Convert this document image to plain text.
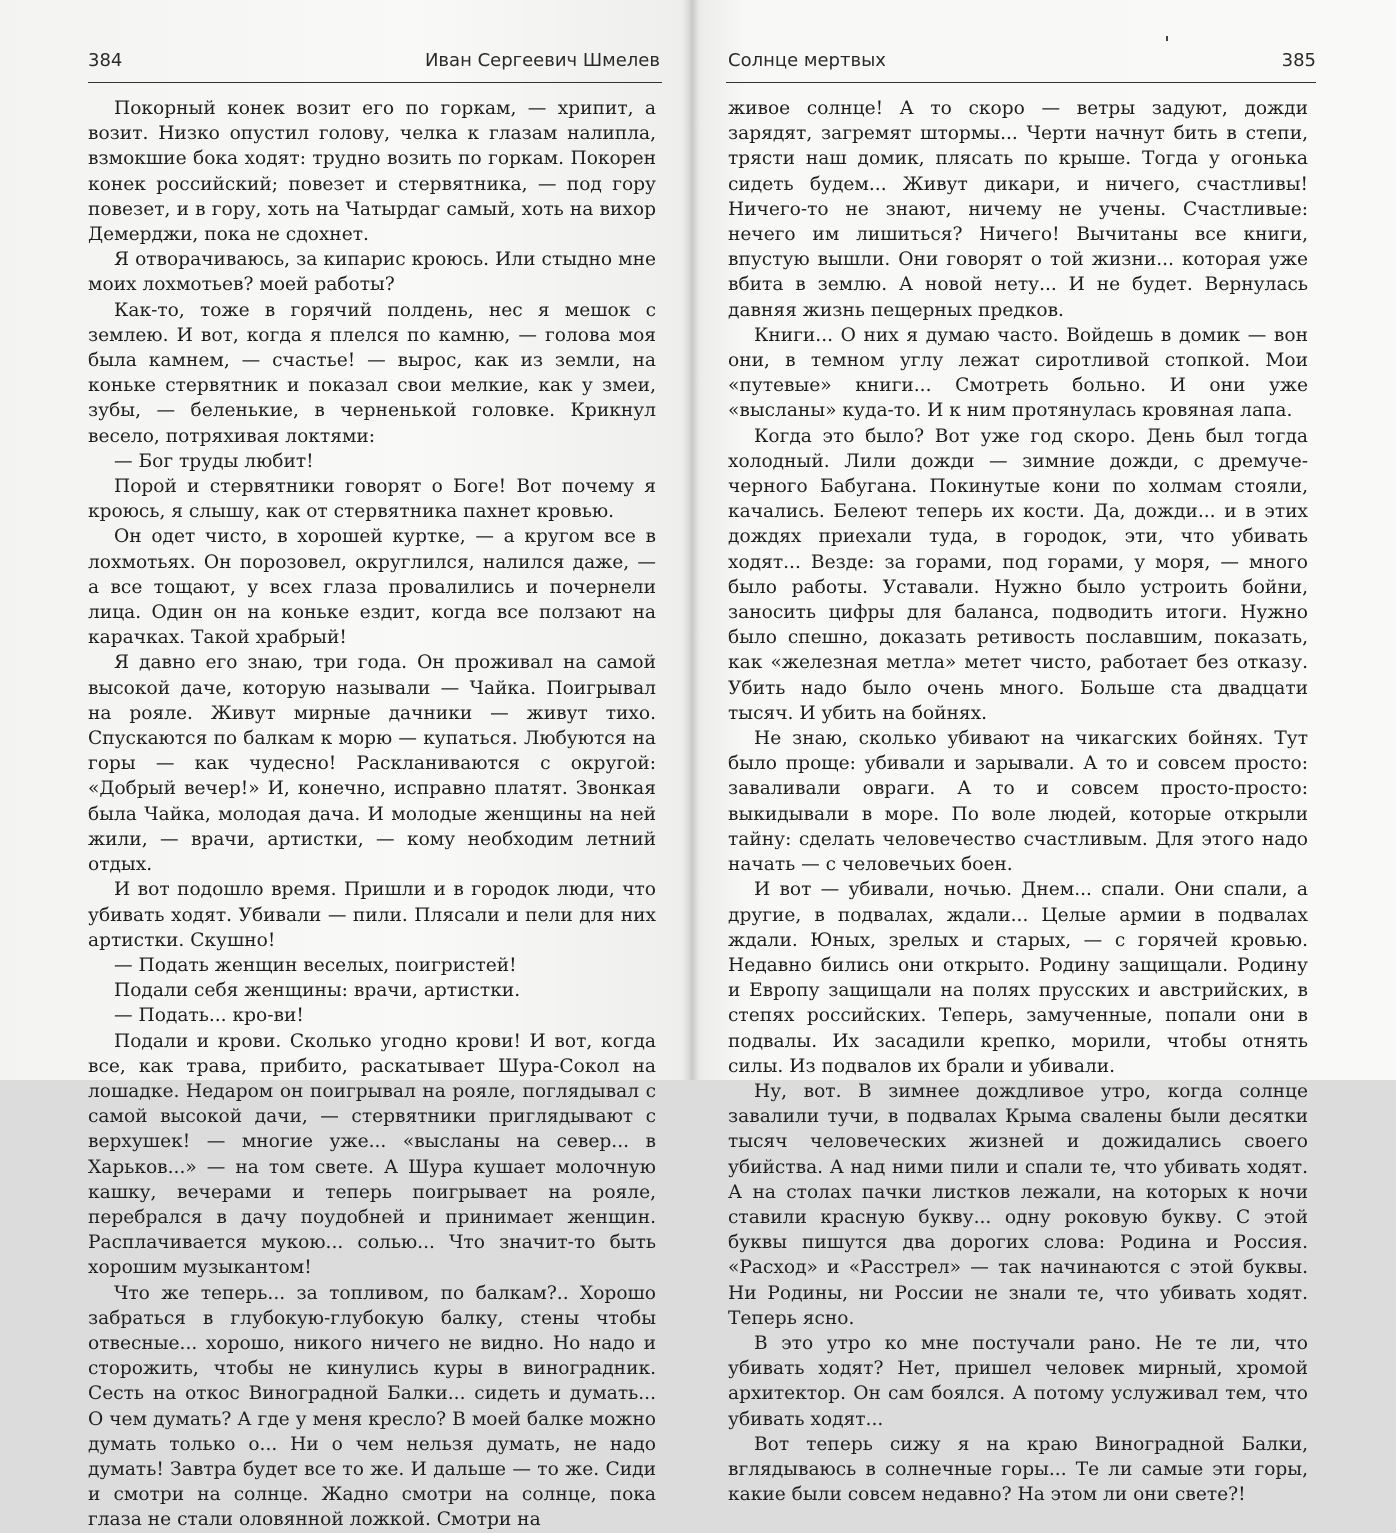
384	Иван Сергеевич Шмелев

Покорный конек возит его по горкам, — хрипит, а возит. Низко опустил голову, челка к глазам налипла, взмокшие бока ходят: трудно возить по горкам. Покорен конек российский; повезет и стервятника, — под гору повезет, и в гору, хоть на Чатырдаг самый, хоть на вихор Демерджи, пока не сдохнет.

Я отворачиваюсь, за кипарис кроюсь. Или стыдно мне моих лохмотьев? моей работы?

Как-то, тоже в горячий полдень, нес я мешок с землею. И вот, когда я плелся по камню, — голова моя была камнем, — счастье! — вырос, как из земли, на коньке стервятник и показал свои мелкие, как у змеи, зубы, — беленькие, в черненькой головке. Крикнул весело, потряхивая локтями:

— Бог труды любит!

Порой и стервятники говорят о Боге! Вот почему я кроюсь, я слышу, как от стервятника пахнет кровью.

Он одет чисто, в хорошей куртке, — а кругом все в лохмотьях. Он порозовел, округлился, налился даже, — а все тощают, у всех глаза провалились и почернели лица. Один он на коньке ездит, когда все ползают на карачках. Такой храбрый!

Я давно его знаю, три года. Он проживал на самой высокой даче, которую называли — Чайка. Поигрывал на рояле. Живут мирные дачники — живут тихо. Спускаются по балкам к морю — купаться. Любуются на горы — как чудесно! Раскланиваются с округой: «Добрый вечер!» И, конечно, исправно платят. Звонкая была Чайка, молодая дача. И молодые женщины на ней жили, — врачи, артистки, — кому необходим летний отдых.

И вот подошло время. Пришли и в городок люди, что убивать ходят. Убивали — пили. Плясали и пели для них артистки. Скушно!

— Подать женщин веселых, поигристей!

Подали себя женщины: врачи, артистки.

— Подать... кро-ви!

Подали и крови. Сколько угодно крови! И вот, когда все, как трава, прибито, раскатывает Шура-Сокол на лошадке. Недаром он поигрывал на рояле, поглядывал с самой высокой дачи, — стервятники приглядывают с верхушек! — многие уже... «высланы на север... в Харьков...» — на том свете. А Шура кушает молочную кашку, вечерами и теперь поигрывает на рояле, перебрался в дачу поудобней и принимает женщин. Расплачивается мукою... солью... Что значит-то быть хорошим музыкантом!

Что же теперь... за топливом, по балкам?.. Хорошо забраться в глубокую-глубокую балку, стены чтобы отвесные... хорошо, никого ничего не видно. Но надо и сторожить, чтобы не кинулись куры в виноградник. Сесть на откос Виноградной Балки... сидеть и думать... О чем думать? А где у меня кресло? В моей балке можно думать только о... Ни о чем нельзя думать, не надо думать! Завтра будет все то же. И дальше — то же. Сиди и смотри на солнце. Жадно смотри на солнце, пока глаза не стали оловянной ложкой. Смотри на

Солнце мертвых	385

живое солнце! А то скоро — ветры задуют, дожди зарядят, загремят штормы... Черти начнут бить в степи, трясти наш домик, плясать по крыше. Тогда у огонька сидеть будем... Живут дикари, и ничего, счастливы! Ничего-то не знают, ничему не учены. Счастливые: нечего им лишиться? Ничего! Вычитаны все книги, впустую вышли. Они говорят о той жизни... которая уже вбита в землю. А новой нету... И не будет. Вернулась давняя жизнь пещерных предков.

Книги... О них я думаю часто. Войдешь в домик — вон они, в темном углу лежат сиротливой стопкой. Мои «путевые» книги... Смотреть больно. И они уже «высланы» куда-то. И к ним протянулась кровяная лапа.

Когда это было? Вот уже год скоро. День был тогда холодный. Лили дожди — зимние дожди, с дремуче-черного Бабугана. Покинутые кони по холмам стояли, качались. Белеют теперь их кости. Да, дожди... и в этих дождях приехали туда, в городок, эти, что убивать ходят... Везде: за горами, под горами, у моря, — много было работы. Уставали. Нужно было устроить бойни, заносить цифры для баланса, подводить итоги. Нужно было спешно, доказать ретивость пославшим, показать, как «железная метла» метет чисто, работает без отказу. Убить надо было очень много. Больше ста двадцати тысяч. И убить на бойнях.

Не знаю, сколько убивают на чикагских бойнях. Тут было проще: убивали и зарывали. А то и совсем просто: заваливали овраги. А то и совсем просто-просто: выкидывали в море. По воле людей, которые открыли тайну: сделать человечество счастливым. Для этого надо начать — с человечьих боен.

И вот — убивали, ночью. Днем... спали. Они спали, а другие, в подвалах, ждали... Целые армии в подвалах ждали. Юных, зрелых и старых, — с горячей кровью. Недавно бились они открыто. Родину защищали. Родину и Европу защищали на полях прусских и австрийских, в степях российских. Теперь, замученные, попали они в подвалы. Их засадили крепко, морили, чтобы отнять силы. Из подвалов их брали и убивали.

Ну, вот. В зимнее дождливое утро, когда солнце завалили тучи, в подвалах Крыма свалены были десятки тысяч человеческих жизней и дожидались своего убийства. А над ними пили и спали те, что убивать ходят. А на столах пачки листков лежали, на которых к ночи ставили красную букву... одну роковую букву. С этой буквы пишутся два дорогих слова: Родина и Россия. «Расход» и «Расстрел» — так начинаются с этой буквы. Ни Родины, ни России не знали те, что убивать ходят. Теперь ясно.

В это утро ко мне постучали рано. Не те ли, что убивать ходят? Нет, пришел человек мирный, хромой архитектор. Он сам боялся. А потому услуживал тем, что убивать ходят...

Вот теперь сижу я на краю Виноградной Балки, вглядываюсь в солнечные горы... Те ли самые эти горы, какие были совсем недавно? На этом ли они свете?!
